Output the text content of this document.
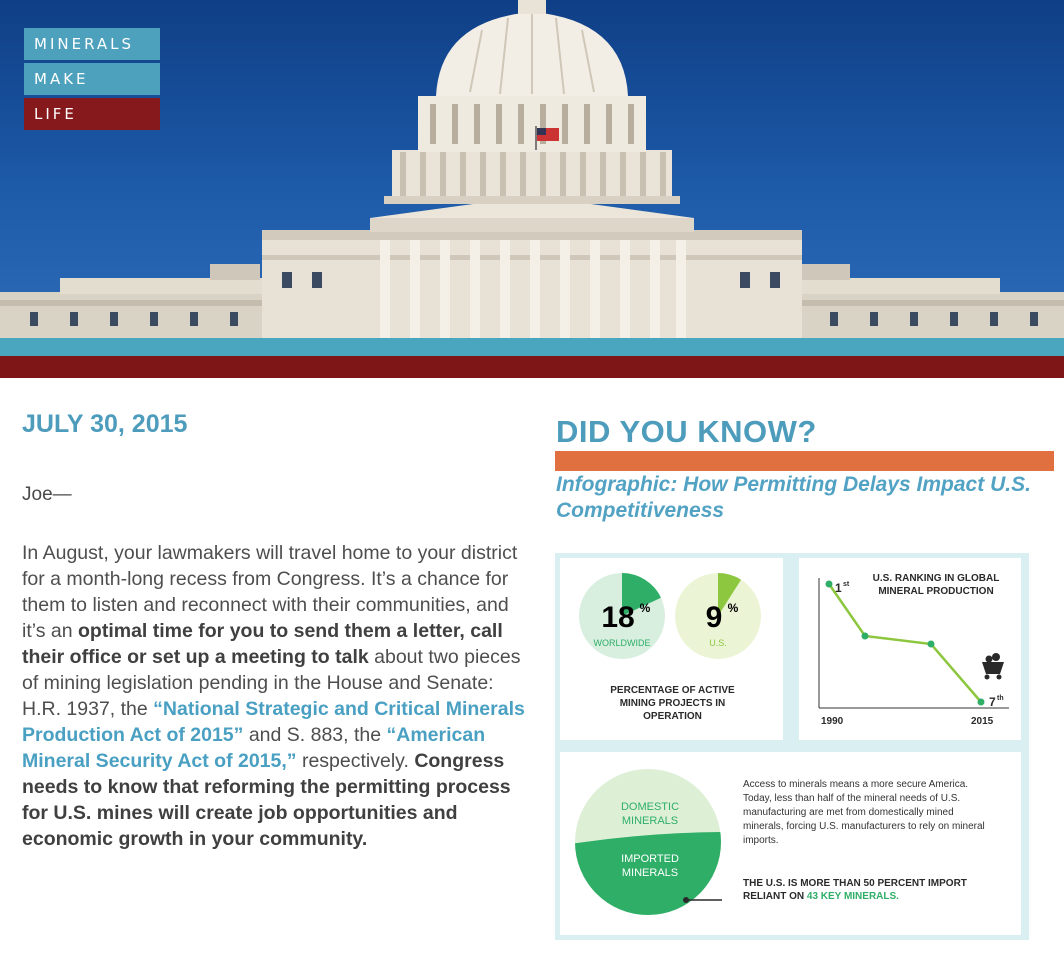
MINERALS
MAKE
LIFE
JULY 30, 2015
Joe—
In August, your lawmakers will travel home to your district for a month-long recess from Congress. It’s a chance for them to listen and reconnect with their communities, and it’s an optimal time for you to send them a letter, call their office or set up a meeting to talk about two pieces of mining legislation pending in the House and Senate: H.R. 1937, the “National Strategic and Critical Minerals Production Act of 2015” and S. 883, the “American Mineral Security Act of 2015,” respectively. Congress needs to know that reforming the permitting process for U.S. mines will create job opportunities and economic growth in your community.
DID YOU KNOW?
Infographic: How Permitting Delays Impact U.S. Competitiveness
18 %
WORLDWIDE
9 %
U.S.
PERCENTAGE OF ACTIVE MINING PROJECTS IN OPERATION
1 st
7 th
1990	2015
U.S. RANKING IN GLOBAL MINERAL PRODUCTION
DOMESTIC MINERALS
IMPORTED MINERALS
Access to minerals means a more secure America. Today, less than half of the mineral needs of U.S. manufacturing are met from domestically mined minerals, forcing U.S. manufacturers to rely on mineral imports.
THE U.S. IS MORE THAN 50 PERCENT IMPORT RELIANT ON 43 KEY MINERALS.
